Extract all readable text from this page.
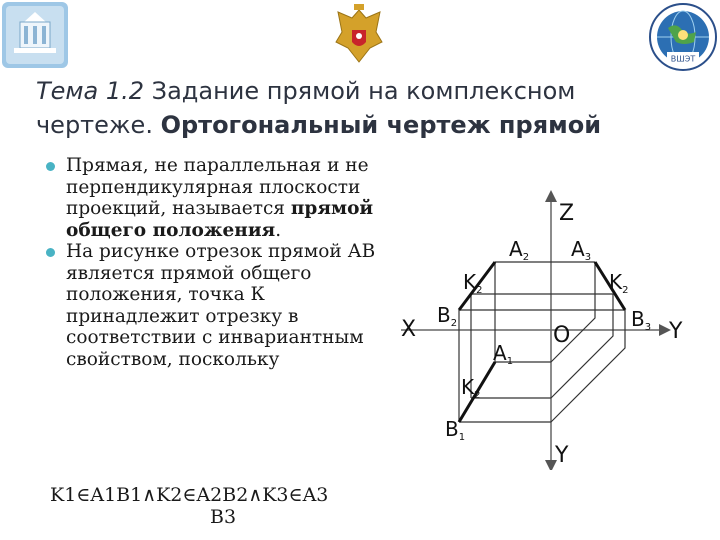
ВШЭТ
Тема 1.2 Задание прямой на комплексном
чертеже. Ортогональный чертеж прямой

Прямая, не параллельная и не перпендикулярная плоскости проекций, называется прямой общего положения.

На рисунке отрезок прямой АВ является прямой общего положения, точка К принадлежит отрезку в соответствии с инвариантным свойством, поскольку

K1∈A1B1∧K2∈A2B2∧K3∈A3
B3
Z
X	Y
Y
O
$A_2$ $A_3$
$K_2$	$K_2$
$B_2$	$B_3$
$A_1$
$K_2$
$B_1$
